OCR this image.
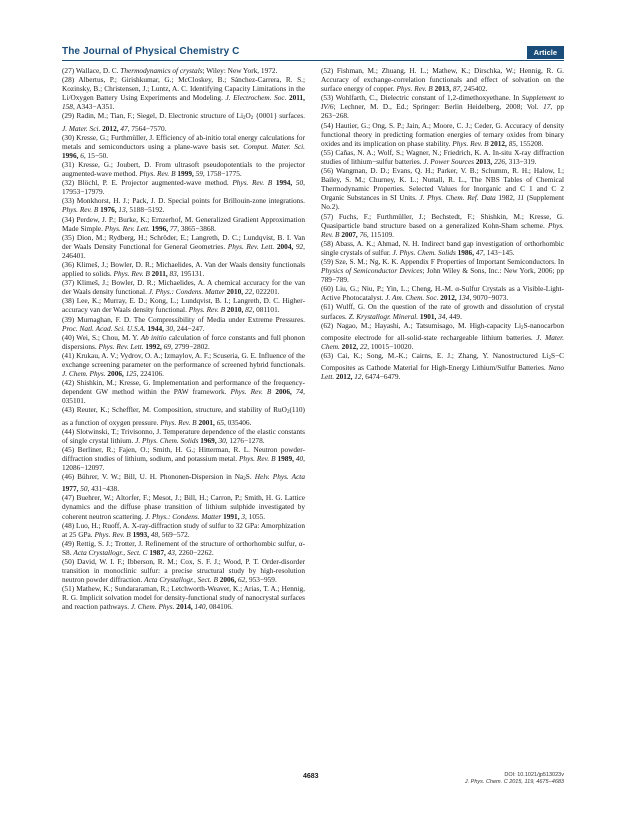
The Journal of Physical Chemistry C	Article

(27) Wallace, D. C. Thermodynamics of crystals; Wiley: New York, 1972.

(28) Albertus, P.; Girishkumar, G.; McCloskey, B.; Sánchez-Carrera, R. S.; Kozinsky, B.; Christensen, J.; Luntz, A. C. Identifying Capacity Limitations in the Li/Oxygen Battery Using Experiments and Modeling. J. Electrochem. Soc. 2011, 158, A343−A351.

(29) Radin, M.; Tian, F.; Siegel, D. Electronic structure of $Li_2O_2$ {0001} surfaces. J. Mater. Sci. 2012, 47, 7564−7570.

(30) Kresse, G.; Furthmüller, J. Efficiency of ab-initio total energy calculations for metals and semiconductors using a plane-wave basis set. Comput. Mater. Sci. 1996, 6, 15−50.

(31) Kresse, G.; Joubert, D. From ultrasoft pseudopotentials to the projector augmented-wave method. Phys. Rev. B 1999, 59, 1758−1775.

(32) Blöchl, P. E. Projector augmented-wave method. Phys. Rev. B 1994, 50, 17953−17979.

(33) Monkhorst, H. J.; Pack, J. D. Special points for Brillouin-zone integrations. Phys. Rev. B 1976, 13, 5188−5192.

(34) Perdew, J. P.; Burke, K.; Ernzerhof, M. Generalized Gradient Approximation Made Simple. Phys. Rev. Lett. 1996, 77, 3865−3868.

(35) Dion, M.; Rydberg, H.; Schröder, E.; Langreth, D. C.; Lundqvist, B. I. Van der Waals Density Functional for General Geometries. Phys. Rev. Lett. 2004, 92, 246401.

(36) Klimeš, J.; Bowler, D. R.; Michaelides, A. Van der Waals density functionals applied to solids. Phys. Rev. B 2011, 83, 195131.

(37) Klimeš, J.; Bowler, D. R.; Michaelides, A. A chemical accuracy for the van der Waals density functional. J. Phys.: Condens. Matter 2010, 22, 022201.

(38) Lee, K.; Murray, E. D.; Kong, L.; Lundqvist, B. I.; Langreth, D. C. Higher-accuracy van der Waals density functional. Phys. Rev. B 2010, 82, 081101.

(39) Murnaghan, F. D. The Compressibility of Media under Extreme Pressures. Proc. Natl. Acad. Sci. U.S.A. 1944, 30, 244−247.

(40) Wei, S.; Chou, M. Y. Ab initio calculation of force constants and full phonon dispersions. Phys. Rev. Lett. 1992, 69, 2799−2802.

(41) Krukau, A. V.; Vydrov, O. A.; Izmaylov, A. F.; Scuseria, G. E. Influence of the exchange screening parameter on the performance of screened hybrid functionals. J. Chem. Phys. 2006, 125, 224106.

(42) Shishkin, M.; Kresse, G. Implementation and performance of the frequency-dependent GW method within the PAW framework. Phys. Rev. B 2006, 74, 035101.

(43) Reuter, K.; Scheffler, M. Composition, structure, and stability of RuO$_2$(110) as a function of oxygen pressure. Phys. Rev. B 2001, 65, 035406.

(44) Slotwinski, T.; Trivisonno, J. Temperature dependence of the elastic constants of single crystal lithium. J. Phys. Chem. Solids 1969, 30, 1276−1278.

(45) Berliner, R.; Fajen, O.; Smith, H. G.; Hitterman, R. L. Neutron powder-diffraction studies of lithium, sodium, and potassium metal. Phys. Rev. B 1989, 40, 12086−12097.

(46) Bührer, V. W.; Bill, U. H. Phononen-Dispersion in $Na_2S$. Helv. Phys. Acta 1977, 50, 431−438.

(47) Buehrer, W.; Altorfer, F.; Mesot, J.; Bill, H.; Carron, P.; Smith, H. G. Lattice dynamics and the diffuse phase transition of lithium sulphide investigated by coherent neutron scattering. J. Phys.: Condens. Matter 1991, 3, 1055.

(48) Luo, H.; Ruoff, A. X-ray-diffraction study of sulfur to 32 GPa: Amorphization at 25 GPa. Phys. Rev. B 1993, 48, 569−572.

(49) Rettig, S. J.; Trotter, J. Refinement of the structure of orthorhombic sulfur, α-S8. Acta Crystallogr., Sect. C 1987, 43, 2260−2262.

(50) David, W. I. F.; Ibberson, R. M.; Cox, S. F. J.; Wood, P. T. Order-disorder transition in monoclinic sulfur: a precise structural study by high-resolution neutron powder diffraction. Acta Crystallogr., Sect. B 2006, 62, 953−959.

(51) Mathew, K.; Sundararaman, R.; Letchworth-Weaver, K.; Arias, T. A.; Hennig, R. G. Implicit solvation model for density-functional study of nanocrystal surfaces and reaction pathways. J. Chem. Phys. 2014, 140, 084106.

(52) Fishman, M.; Zhuang, H. L.; Mathew, K.; Dirschka, W.; Hennig, R. G. Accuracy of exchange-correlation functionals and effect of solvation on the surface energy of copper. Phys. Rev. B 2013, 87, 245402.

(53) Wohlfarth, C., Dielectric constant of 1,2-dimethoxyethane. In Supplement to IV/6; Lechner, M. D., Ed.; Springer: Berlin Heidelberg, 2008; Vol. 17, pp 263−268.

(54) Hautier, G.; Ong, S. P.; Jain, A.; Moore, C. J.; Ceder, G. Accuracy of density functional theory in predicting formation energies of ternary oxides from binary oxides and its implication on phase stability. Phys. Rev. B 2012, 85, 155208.

(55) Cañas, N. A.; Wolf, S.; Wagner, N.; Friedrich, K. A. In-situ X-ray diffraction studies of lithium−sulfur batteries. J. Power Sources 2013, 226, 313−319.

(56) Wangman, D. D.; Evans, Q. H.; Parker, V. B.; Schumm, R. H.; Halow, I.; Bailey, S. M.; Churney, K. L.; Nuttall, R. L., The NBS Tables of Chemical Thermodynamic Properties. Selected Values for Inorganic and C 1 and C 2 Organic Substances in SI Units. J. Phys. Chem. Ref. Data 1982, 11 (Supplement No.2).

(57) Fuchs, F.; Furthmüller, J.; Bechstedt, F.; Shishkin, M.; Kresse, G. Quasiparticle band structure based on a generalized Kohn-Sham scheme. Phys. Rev. B 2007, 76, 115109.

(58) Abass, A. K.; Ahmad, N. H. Indirect band gap investigation of orthorhombic single crystals of sulfur. J. Phys. Chem. Solids 1986, 47, 143−145.

(59) Sze, S. M.; Ng, K. K. Appendix F Properties of Important Semiconductors. In Physics of Semiconductor Devices; John Wiley & Sons, Inc.: New York, 2006; pp 789−789.

(60) Liu, G.; Niu, P.; Yin, L.; Cheng, H.-M. α-Sulfur Crystals as a Visible-Light-Active Photocatalyst. J. Am. Chem. Soc. 2012, 134, 9070−9073.

(61) Wulff, G. On the question of the rate of growth and dissolution of crystal surfaces. Z. Krystallogr. Mineral. 1901, 34, 449.

(62) Nagao, M.; Hayashi, A.; Tatsumisago, M. High-capacity $Li_2S$-nanocarbon composite electrode for all-solid-state rechargeable lithium batteries. J. Mater. Chem. 2012, 22, 10015−10020.

(63) Cai, K.; Song, M.-K.; Cairns, E. J.; Zhang, Y. Nanostructured $Li_2S-C$ Composites as Cathode Material for High-Energy Lithium/Sulfur Batteries. Nano Lett. 2012, 12, 6474−6479.

4683	DOI: 10.1021/jp513023v
J. Phys. Chem. C 2015, 119, 4675−4683
